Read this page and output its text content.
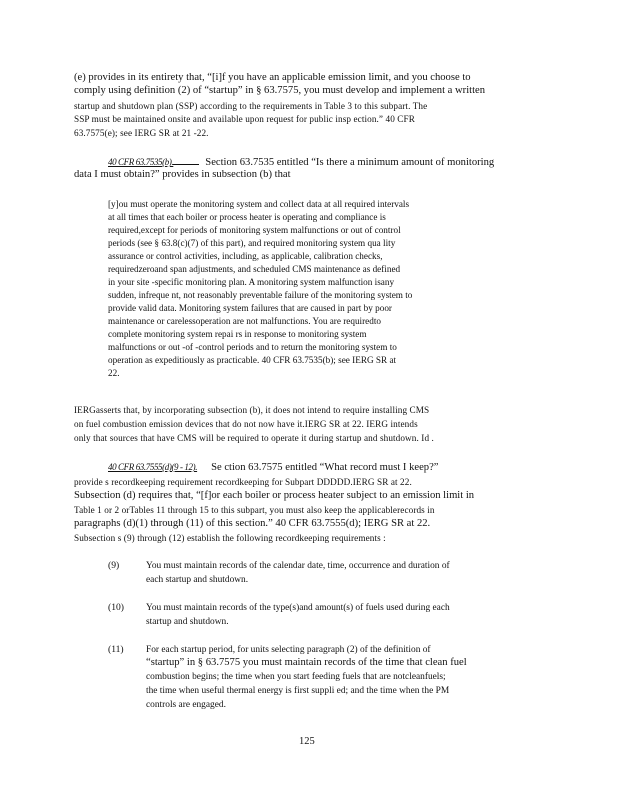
(e) provides in its entirety that, “[i]f you have an applicable emission limit, and you choose to
comply using definition (2) of “startup” in § 63.7575, you must develop and implement a written
startup and shutdown plan (SSP) according to the requirements in Table 3 to this subpart. The
SSP must be maintained onsite and available upon request for public insp ection.” 40 CFR
63.7575(e); see IERG SR at 21 -22.
40 CFR 63.7535(b).	Section 63.7535 entitled “Is there a minimum amount of monitoring
data I must obtain?” provides in subsection (b) that
[y]ou must operate the monitoring system and collect data at all required intervals
at all times that each boiler or process heater is operating and compliance is
required,except for periods of monitoring system malfunctions or out of control
periods (see § 63.8(c)(7) of this part), and required monitoring system qua lity
assurance or control activities, including, as applicable, calibration checks,
requiredzeroand span adjustments, and scheduled CMS maintenance as defined
in your site -specific monitoring plan. A monitoring system malfunction isany
sudden, infreque nt, not reasonably preventable failure of the monitoring system to
provide valid data. Monitoring system failures that are caused in part by poor
maintenance or carelessoperation are not malfunctions. You are requiredto
complete monitoring system repai rs in response to monitoring system
malfunctions or out -of -control periods and to return the monitoring system to
operation as expeditiously as practicable. 40 CFR 63.7535(b); see IERG SR at
22.
IERGasserts that, by incorporating subsection (b), it does not intend to require installing CMS
on fuel combustion emission devices that do not now have it.IERG SR at 22. IERG intends
only that sources that have CMS will be required to operate it during startup and shutdown. Id .
40 CFR 63.7555(d)(9 - 12). Se ction 63.7575 entitled “What record must I keep?”
provide s recordkeeping requirement recordkeeping for Subpart DDDDD.IERG SR at 22.
Subsection (d) requires that, “[f]or each boiler or process heater subject to an emission limit in
Table 1 or 2 orTables 11 through 15 to this subpart, you must also keep the applicablerecords in
paragraphs (d)(1) through (11) of this section.” 40 CFR 63.7555(d); IERG SR at 22.
Subsection s (9) through (12) establish the following recordkeeping requirements :
(9)	You must maintain records of the calendar date, time, occurrence and duration of
each startup and shutdown.
(10) You must maintain records of the type(s)and amount(s) of fuels used during each
startup and shutdown.
(11) For each startup period, for units selecting paragraph (2) of the definition of
“startup” in § 63.7575 you must maintain records of the time that clean fuel
combustion begins; the time when you start feeding fuels that are notcleanfuels;
the time when useful thermal energy is first suppli ed; and the time when the PM
controls are engaged.
125
